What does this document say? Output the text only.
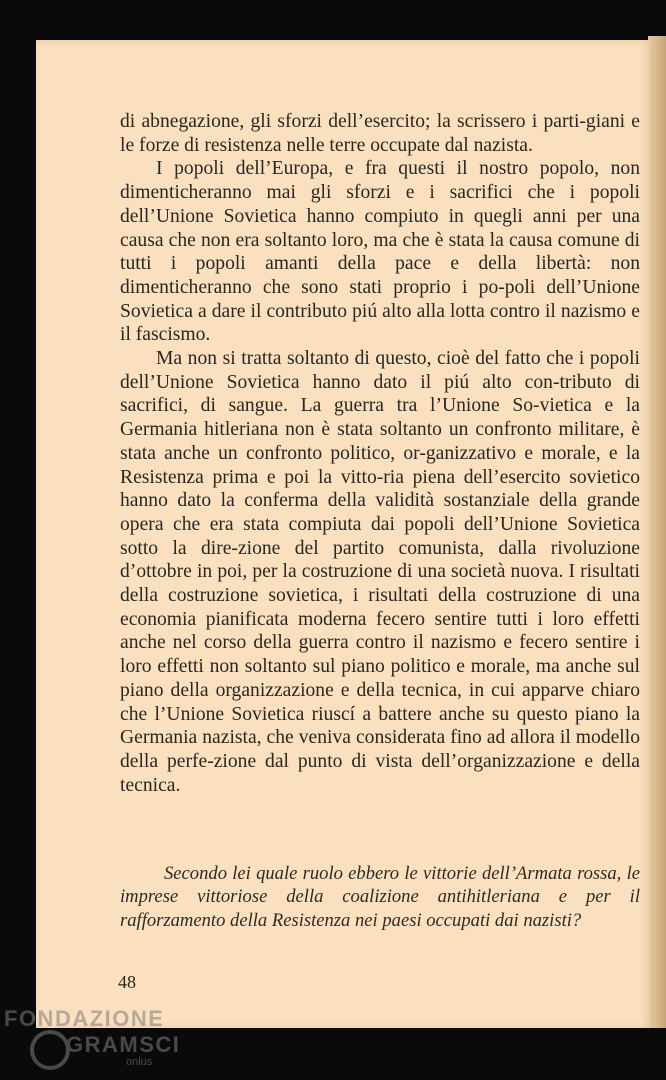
di abnegazione, gli sforzi dell’esercito; la scrissero i parti-giani e le forze di resistenza nelle terre occupate dal nazista.

I popoli dell’Europa, e fra questi il nostro popolo, non dimenticheranno mai gli sforzi e i sacrifici che i popoli dell’Unione Sovietica hanno compiuto in quegli anni per una causa che non era soltanto loro, ma che è stata la causa comune di tutti i popoli amanti della pace e della libertà: non dimenticheranno che sono stati proprio i po-poli dell’Unione Sovietica a dare il contributo piú alto alla lotta contro il nazismo e il fascismo.

Ma non si tratta soltanto di questo, cioè del fatto che i popoli dell’Unione Sovietica hanno dato il piú alto con-tributo di sacrifici, di sangue. La guerra tra l’Unione So-vietica e la Germania hitleriana non è stata soltanto un confronto militare, è stata anche un confronto politico, or-ganizzativo e morale, e la Resistenza prima e poi la vitto-ria piena dell’esercito sovietico hanno dato la conferma della validità sostanziale della grande opera che era stata compiuta dai popoli dell’Unione Sovietica sotto la dire-zione del partito comunista, dalla rivoluzione d’ottobre in poi, per la costruzione di una società nuova. I risultati della costruzione sovietica, i risultati della costruzione di una economia pianificata moderna fecero sentire tutti i loro effetti anche nel corso della guerra contro il nazismo e fecero sentire i loro effetti non soltanto sul piano politico e morale, ma anche sul piano della organizzazione e della tecnica, in cui apparve chiaro che l’Unione Sovietica riuscí a battere anche su questo piano la Germania nazista, che veniva considerata fino ad allora il modello della perfe-zione dal punto di vista dell’organizzazione e della tecnica.

Secondo lei quale ruolo ebbero le vittorie dell’Armata rossa, le imprese vittoriose della coalizione antihitleriana e per il rafforzamento della Resistenza nei paesi occupati dai nazisti?
48
FONDAZIONE
GRAMSCI
onlus
